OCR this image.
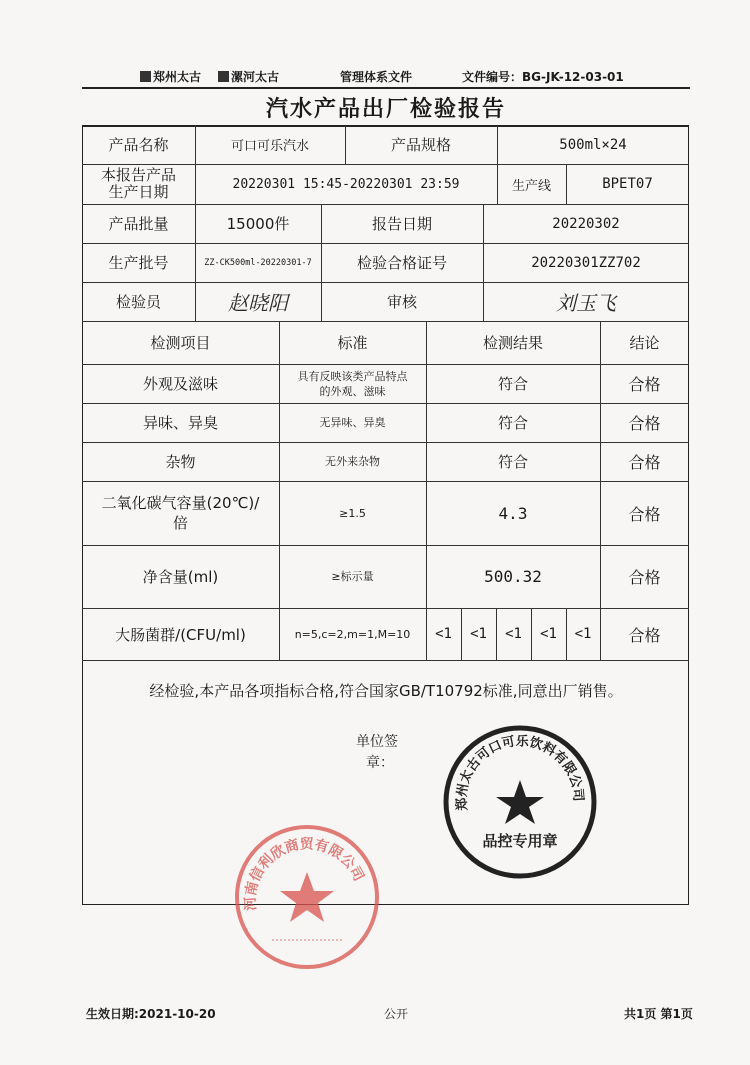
郑州太古	漯河太古	管理体系文件	文件编号：BG-JK-12-03-01
汽水产品出厂检验报告
产品名称	可口可乐汽水	产品规格	500ml×24
本报告产品
生产日期	20220301 15:45-20220301 23:59	生产线	BPET07
产品批量	15000件	报告日期	20220302
生产批号	ZZ-CK500ml-20220301-7	检验合格证号	20220301ZZ702
检验员	赵晓阳	审核	刘玉飞
检测项目	标准	检测结果	结论
外观及滋味	具有反映该类产品特点
的外观、滋味	符合	合格
异味、异臭	无异味、异臭	符合	合格
杂物	无外来杂物	符合	合格
二氧化碳气容量(20℃)/
倍
≥1.5	4.3	合格
净含量(ml)	≥标示量	500.32	合格
大肠菌群/(CFU/ml)	n=5,c=2,m=1,M=10	<1	<1	<1	<1	<1	合格
经检验,本产品各项指标合格,符合国家GB/T10792标准,同意出厂销售。
单位签
章：
郑州太古可口可乐饮料有限公司
品控专用章
河南信利欣商贸有限公司
生效日期:2021-10-20	公开	共1页 第1页
